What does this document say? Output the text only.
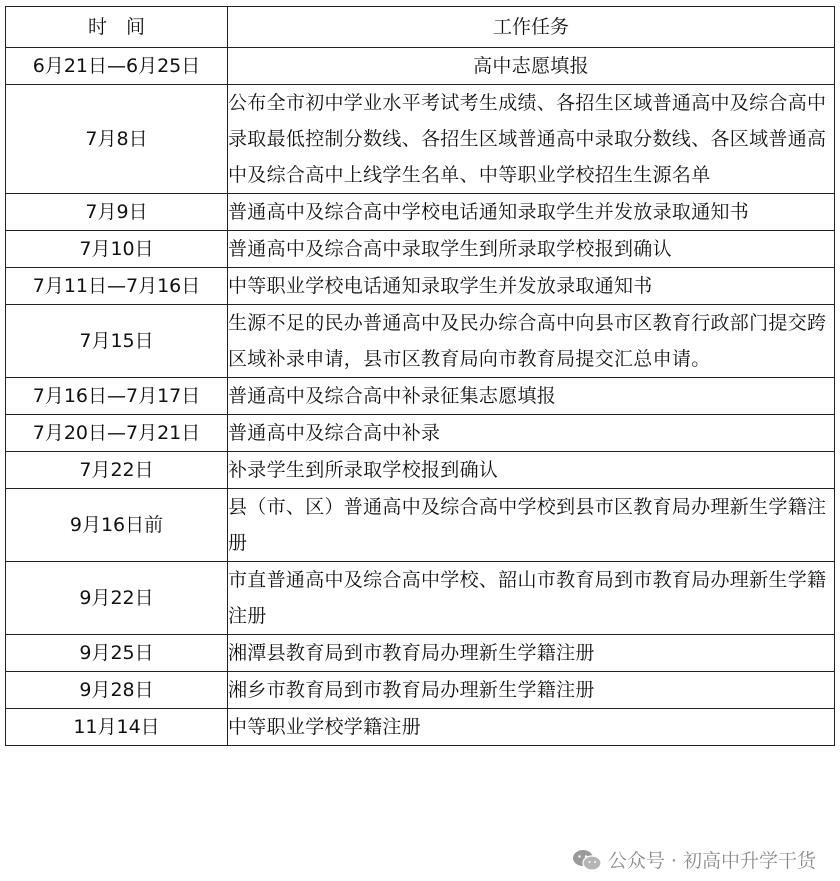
时　间	工作任务
6月21日—6月25日	高中志愿填报
7月8日	公布全市初中学业水平考试考生成绩、各招生区域普通高中及综合高中录取最低控制分数线、各招生区域普通高中录取分数线、各区域普通高中及综合高中上线学生名单、中等职业学校招生生源名单
7月9日	普通高中及综合高中学校电话通知录取学生并发放录取通知书
7月10日	普通高中及综合高中录取学生到所录取学校报到确认
7月11日—7月16日	中等职业学校电话通知录取学生并发放录取通知书
7月15日	生源不足的民办普通高中及民办综合高中向县市区教育行政部门提交跨区域补录申请，县市区教育局向市教育局提交汇总申请。
7月16日—7月17日	普通高中及综合高中补录征集志愿填报
7月20日—7月21日	普通高中及综合高中补录
7月22日	补录学生到所录取学校报到确认
9月16日前	县（市、区）普通高中及综合高中学校到县市区教育局办理新生学籍注册
9月22日	市直普通高中及综合高中学校、韶山市教育局到市教育局办理新生学籍注册
9月25日	湘潭县教育局到市教育局办理新生学籍注册
9月28日	湘乡市教育局到市教育局办理新生学籍注册
11月14日	中等职业学校学籍注册
公众号 · 初高中升学干货
